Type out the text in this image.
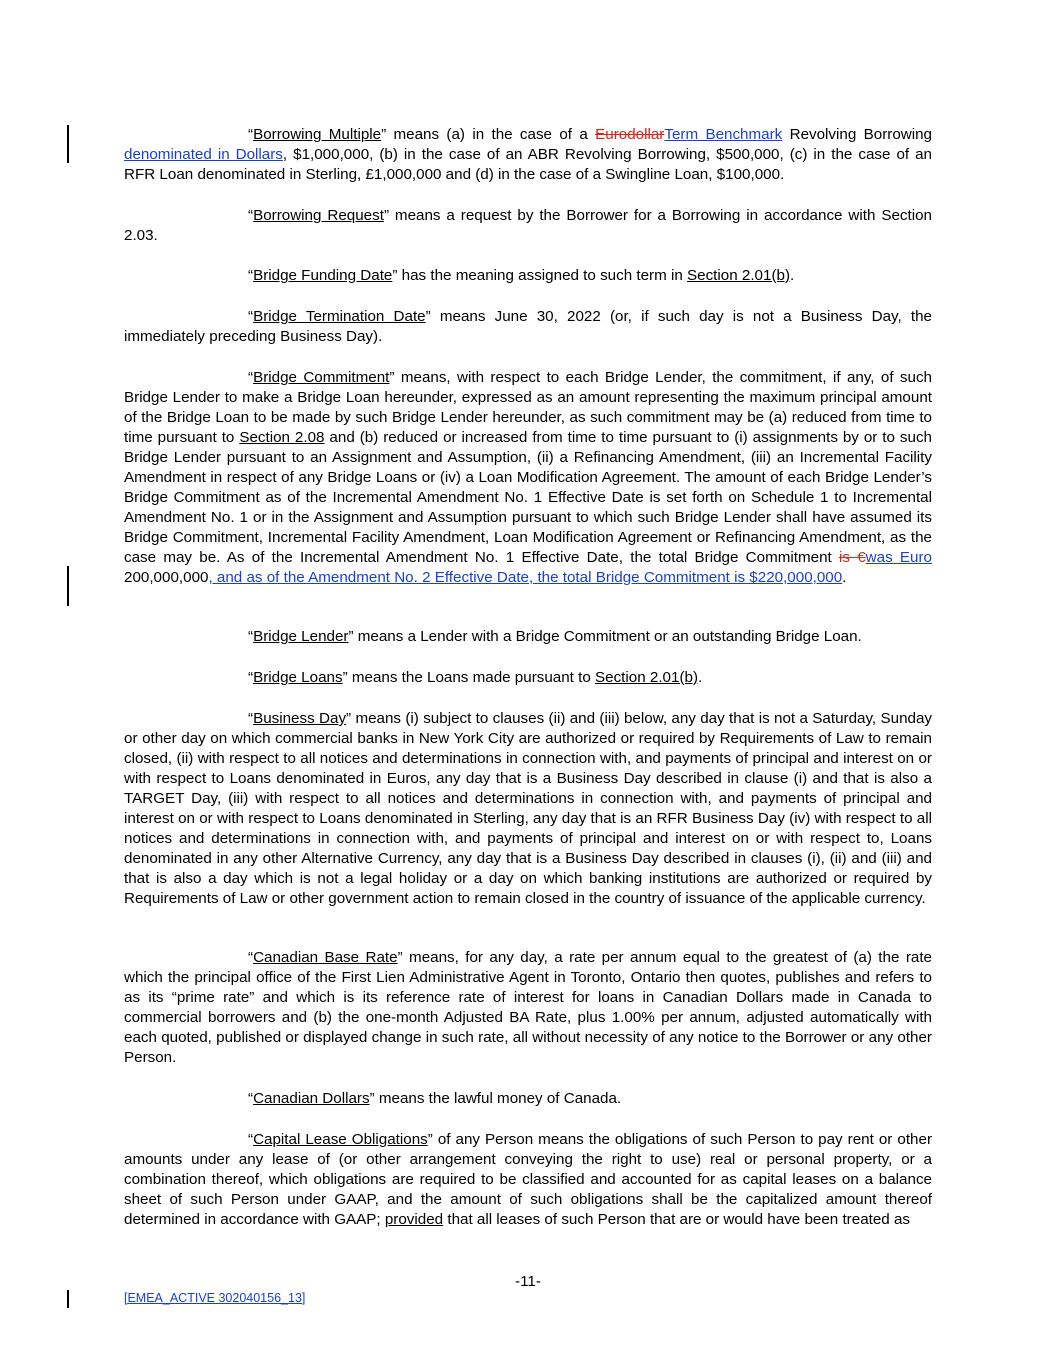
“Borrowing Multiple” means (a) in the case of a EurodollarTerm Benchmark Revolving Borrowing denominated in Dollars, $1,000,000, (b) in the case of an ABR Revolving Borrowing, $500,000, (c) in the case of an RFR Loan denominated in Sterling, £1,000,000 and (d) in the case of a Swingline Loan, $100,000.
“Borrowing Request” means a request by the Borrower for a Borrowing in accordance with Section 2.03.
“Bridge Funding Date” has the meaning assigned to such term in Section 2.01(b).
“Bridge Termination Date” means June 30, 2022 (or, if such day is not a Business Day, the immediately preceding Business Day).
“Bridge Commitment” means, with respect to each Bridge Lender, the commitment, if any, of such Bridge Lender to make a Bridge Loan hereunder, expressed as an amount representing the maximum principal amount of the Bridge Loan to be made by such Bridge Lender hereunder, as such commitment may be (a) reduced from time to time pursuant to Section 2.08 and (b) reduced or increased from time to time pursuant to (i) assignments by or to such Bridge Lender pursuant to an Assignment and Assumption, (ii) a Refinancing Amendment, (iii) an Incremental Facility Amendment in respect of any Bridge Loans or (iv) a Loan Modification Agreement. The amount of each Bridge Lender’s Bridge Commitment as of the Incremental Amendment No. 1 Effective Date is set forth on Schedule 1 to Incremental Amendment No. 1 or in the Assignment and Assumption pursuant to which such Bridge Lender shall have assumed its Bridge Commitment, Incremental Facility Amendment, Loan Modification Agreement or Refinancing Amendment, as the case may be. As of the Incremental Amendment No. 1 Effective Date, the total Bridge Commitment is €was Euro 200,000,000, and as of the Amendment No. 2 Effective Date, the total Bridge Commitment is $220,000,000.
“Bridge Lender” means a Lender with a Bridge Commitment or an outstanding Bridge Loan.
“Bridge Loans” means the Loans made pursuant to Section 2.01(b).
“Business Day” means (i) subject to clauses (ii) and (iii) below, any day that is not a Saturday, Sunday or other day on which commercial banks in New York City are authorized or required by Requirements of Law to remain closed, (ii) with respect to all notices and determinations in connection with, and payments of principal and interest on or with respect to Loans denominated in Euros, any day that is a Business Day described in clause (i) and that is also a TARGET Day, (iii) with respect to all notices and determinations in connection with, and payments of principal and interest on or with respect to Loans denominated in Sterling, any day that is an RFR Business Day (iv) with respect to all notices and determinations in connection with, and payments of principal and interest on or with respect to, Loans denominated in any other Alternative Currency, any day that is a Business Day described in clauses (i), (ii) and (iii) and that is also a day which is not a legal holiday or a day on which banking institutions are authorized or required by Requirements of Law or other government action to remain closed in the country of issuance of the applicable currency.
“Canadian Base Rate” means, for any day, a rate per annum equal to the greatest of (a) the rate which the principal office of the First Lien Administrative Agent in Toronto, Ontario then quotes, publishes and refers to as its “prime rate” and which is its reference rate of interest for loans in Canadian Dollars made in Canada to commercial borrowers and (b) the one-month Adjusted BA Rate, plus 1.00% per annum, adjusted automatically with each quoted, published or displayed change in such rate, all without necessity of any notice to the Borrower or any other Person.
“Canadian Dollars” means the lawful money of Canada.
“Capital Lease Obligations” of any Person means the obligations of such Person to pay rent or other amounts under any lease of (or other arrangement conveying the right to use) real or personal property, or a combination thereof, which obligations are required to be classified and accounted for as capital leases on a balance sheet of such Person under GAAP, and the amount of such obligations shall be the capitalized amount thereof determined in accordance with GAAP; provided that all leases of such Person that are or would have been treated as
-11-
[EMEA_ACTIVE 302040156_13]
